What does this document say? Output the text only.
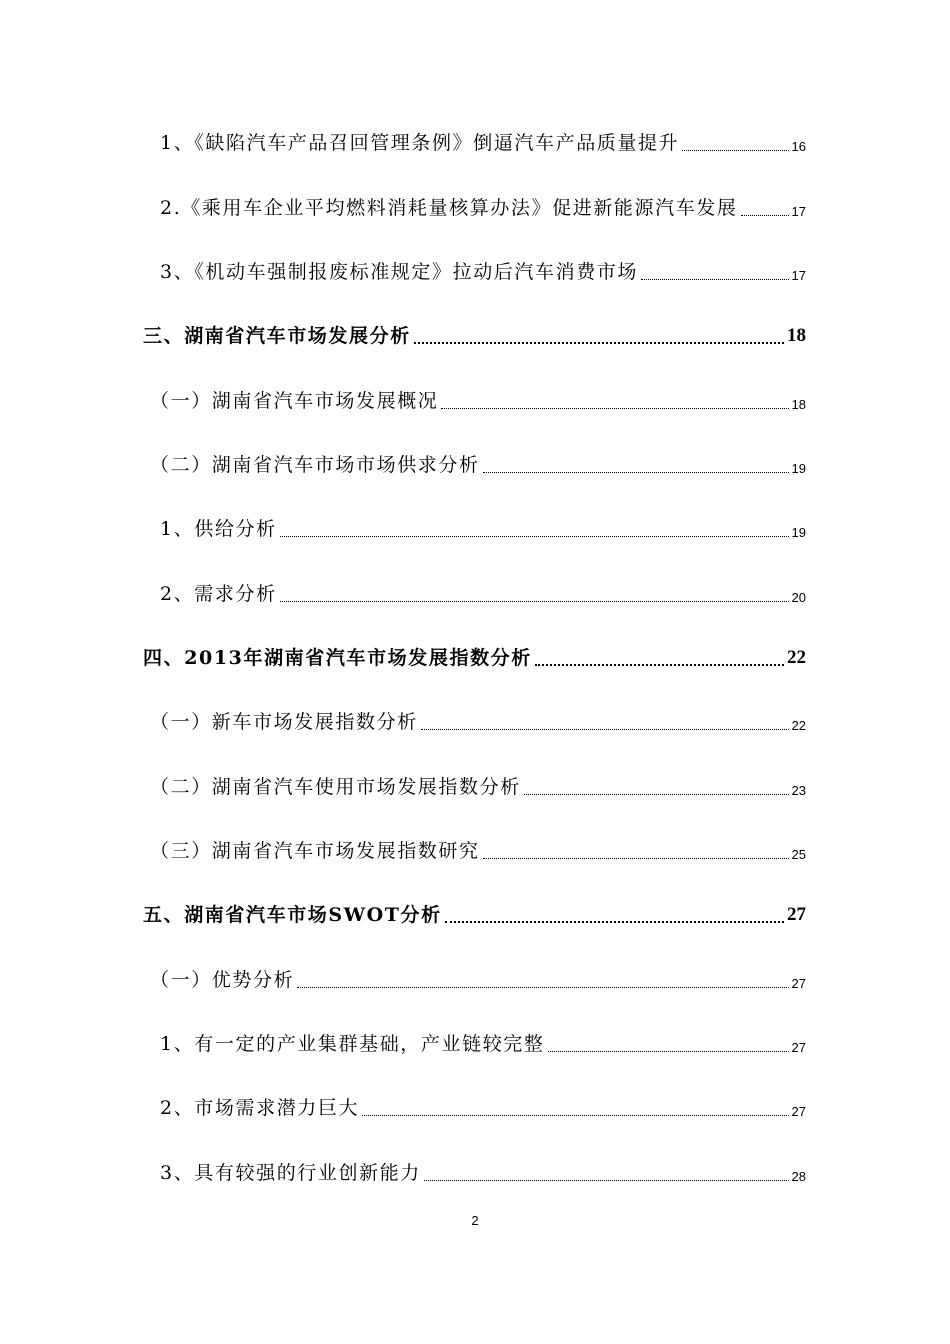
1、《缺陷汽车产品召回管理条例》倒逼汽车产品质量提升	16
2.《乘用车企业平均燃料消耗量核算办法》促进新能源汽车发展	17
3、《机动车强制报废标准规定》拉动后汽车消费市场	17
三、湖南省汽车市场发展分析	18
（一）湖南省汽车市场发展概况	18
（二）湖南省汽车市场市场供求分析	19
1、供给分析	19
2、需求分析	20
四、2013年湖南省汽车市场发展指数分析	22
（一）新车市场发展指数分析	22
（二）湖南省汽车使用市场发展指数分析	23
（三）湖南省汽车市场发展指数研究	25
五、湖南省汽车市场SWOT分析	27
（一）优势分析	27
1、有一定的产业集群基础，产业链较完整	27
2、市场需求潜力巨大	27
3、具有较强的行业创新能力	28
2
